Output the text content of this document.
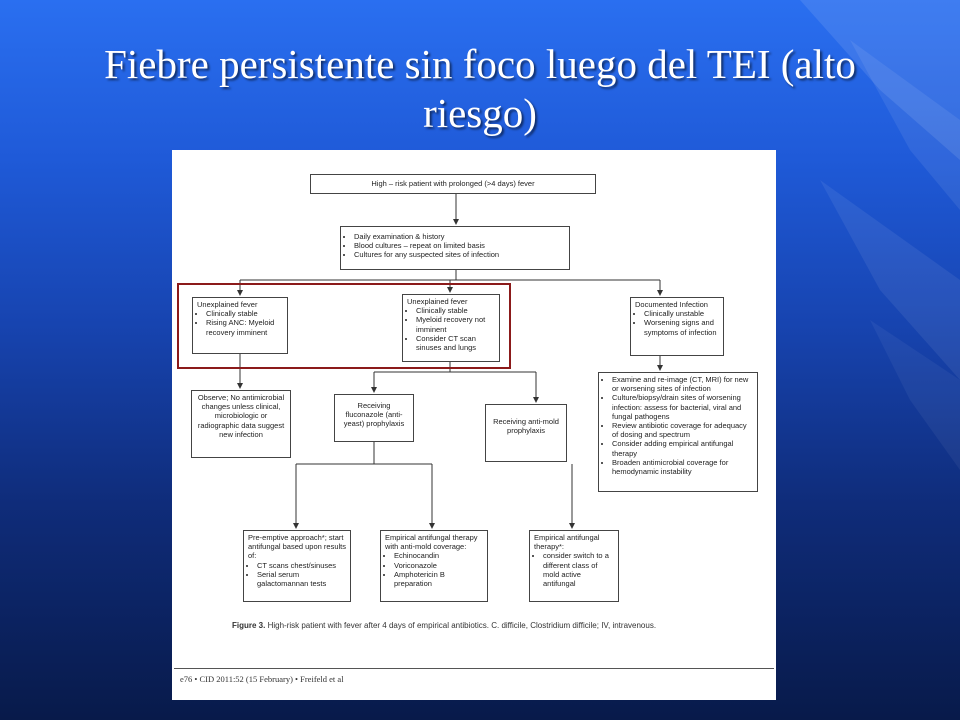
Fiebre persistente sin foco luego del TEI (alto riesgo)
High – risk patient with prolonged (>4 days) fever
• Daily examination & history
• Blood cultures – repeat on limited basis
• Cultures for any suspected sites of infection
Unexplained fever
• Clinically stable
• Rising ANC: Myeloid recovery imminent
Unexplained fever
• Clinically stable
• Myeloid recovery not imminent
• Consider CT scan sinuses and lungs
Documented Infection
• Clinically unstable
• Worsening signs and symptoms of infection
Observe; No antimicrobial changes unless clinical, microbiologic or radiographic data suggest new infection
Receiving fluconazole (anti-yeast) prophylaxis	Receiving anti-mold prophylaxis
• Examine and re-image (CT, MRI) for new or worsening sites of infection
• Culture/biopsy/drain sites of worsening infection: assess for bacterial, viral and fungal pathogens
• Review antibiotic coverage for adequacy of dosing and spectrum
• Consider adding empirical antifungal therapy
• Broaden antimicrobial coverage for hemodynamic instability
Pre-emptive approach*; start antifungal based upon results of:
• CT scans chest/sinuses
• Serial serum galactomannan tests
Empirical antifungal therapy with anti-mold coverage:
• Echinocandin
• Voriconazole
• Amphotericin B preparation
Empirical antifungal therapy*:
• consider switch to a different class of mold active antifungal
Figure 3. High-risk patient with fever after 4 days of empirical antibiotics. C. difficile, Clostridium difficile; IV, intravenous.
e76 • CID 2011:52 (15 February) • Freifeld et al
